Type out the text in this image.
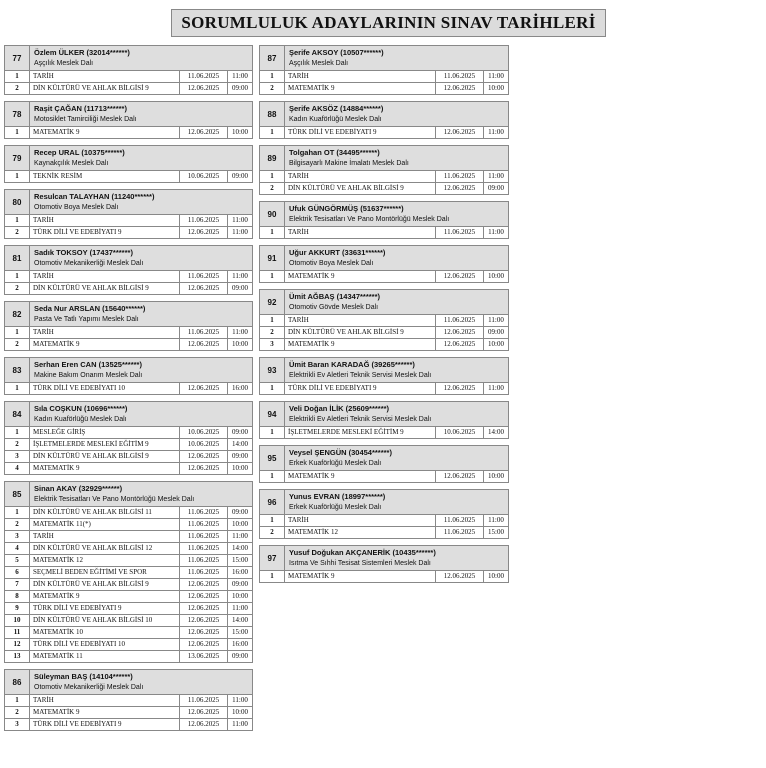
SORUMLULUK ADAYLARININ SINAV TARİHLERİ
77
Özlem ÜLKER (32014******)
Aşçılık Meslek Dalı
1	TARİH	11.06.2025	11:00
2	DİN KÜLTÜRÜ VE AHLAK BİLGİSİ 9	12.06.2025	09:00
78
Raşit ÇAĞAN (11713******)
Motosiklet Tamirciliği Meslek Dalı
1	MATEMATİK 9	12.06.2025	10:00
79
Recep URAL (10375******)
Kaynakçılık Meslek Dalı
1	TEKNİK RESİM	10.06.2025	09:00
80
Resulcan TALAYHAN (11240******)
Otomotiv Boya Meslek Dalı
1	TARİH	11.06.2025	11:00
2	TÜRK DİLİ VE EDEBİYATI 9	12.06.2025	11:00
81
Sadık TOKSOY (17437******)
Otomotiv Mekanikerliği Meslek Dalı
1	TARİH	11.06.2025	11:00
2	DİN KÜLTÜRÜ VE AHLAK BİLGİSİ 9	12.06.2025	09:00
82
Seda Nur ARSLAN (15640******)
Pasta Ve Tatlı Yapımı Meslek Dalı
1	TARİH	11.06.2025	11:00
2	MATEMATİK 9	12.06.2025	10:00
83
Serhan Eren CAN (13525******)
Makine Bakım Onarım Meslek Dalı
1	TÜRK DİLİ VE EDEBİYATI 10	12.06.2025	16:00
84
Sıla COŞKUN (10696******)
Kadın Kuaförlüğü Meslek Dalı
1	MESLEĞE GİRİŞ	10.06.2025	09:00
2	İŞLETMELERDE MESLEKİ EĞİTİM 9	10.06.2025	14:00
3	DİN KÜLTÜRÜ VE AHLAK BİLGİSİ 9	12.06.2025	09:00
4	MATEMATİK 9	12.06.2025	10:00
85
Sinan AKAY (32929******)
Elektrik Tesisatları Ve Pano Montörlüğü Meslek Dalı
1	DİN KÜLTÜRÜ VE AHLAK BİLGİSİ 11	11.06.2025	09:00
2	MATEMATİK 11(*)	11.06.2025	10:00
3	TARİH	11.06.2025	11:00
4	DİN KÜLTÜRÜ VE AHLAK BİLGİSİ 12	11.06.2025	14:00
5	MATEMATİK 12	11.06.2025	15:00
6	SEÇMELİ BEDEN EĞİTİMİ VE SPOR	11.06.2025	16:00
7	DİN KÜLTÜRÜ VE AHLAK BİLGİSİ 9	12.06.2025	09:00
8	MATEMATİK 9	12.06.2025	10:00
9	TÜRK DİLİ VE EDEBİYATI 9	12.06.2025	11:00
10	DİN KÜLTÜRÜ VE AHLAK BİLGİSİ 10	12.06.2025	14:00
11	MATEMATİK 10	12.06.2025	15:00
12	TÜRK DİLİ VE EDEBİYATI 10	12.06.2025	16:00
13	MATEMATİK 11	13.06.2025	09:00
86
Süleyman BAŞ (14104******)
Otomotiv Mekanikerliği Meslek Dalı
1	TARİH	11.06.2025	11:00
2	MATEMATİK 9	12.06.2025	10:00
3	TÜRK DİLİ VE EDEBİYATI 9	12.06.2025	11:00
87
Şerife AKSOY (10507******)
Aşçılık Meslek Dalı
1	TARİH	11.06.2025	11:00
2	MATEMATİK 9	12.06.2025	10:00
88
Şerife AKSÖZ (14884******)
Kadın Kuaförlüğü Meslek Dalı
1	TÜRK DİLİ VE EDEBİYATI 9	12.06.2025	11:00
89
Tolgahan OT (34495******)
Bilgisayarlı Makine İmalatı Meslek Dalı
1	TARİH	11.06.2025	11:00
2	DİN KÜLTÜRÜ VE AHLAK BİLGİSİ 9	12.06.2025	09:00
90
Ufuk GÜNGÖRMÜŞ (51637******)
Elektrik Tesisatları Ve Pano Montörlüğü Meslek Dalı
1	TARİH	11.06.2025	11:00
91
Uğur AKKURT (33631******)
Otomotiv Boya Meslek Dalı
1	MATEMATİK 9	12.06.2025	10:00
92
Ümit AĞBAŞ (14347******)
Otomotiv Gövde Meslek Dalı
1	TARİH	11.06.2025	11:00
2	DİN KÜLTÜRÜ VE AHLAK BİLGİSİ 9	12.06.2025	09:00
3	MATEMATİK 9	12.06.2025	10:00
93
Ümit Baran KARADAĞ (39265******)
Elektrikli Ev Aletleri Teknik Servisi Meslek Dalı
1	TÜRK DİLİ VE EDEBİYATI 9	12.06.2025	11:00
94
Veli Doğan İLİK (25609******)
Elektrikli Ev Aletleri Teknik Servisi Meslek Dalı
1	İŞLETMELERDE MESLEKİ EĞİTİM 9	10.06.2025	14:00
95
Veysel ŞENGÜN (30454******)
Erkek Kuaförlüğü Meslek Dalı
1	MATEMATİK 9	12.06.2025	10:00
96
Yunus EVRAN (18997******)
Erkek Kuaförlüğü Meslek Dalı
1	TARİH	11.06.2025	11:00
2	MATEMATİK 12	11.06.2025	15:00
97
Yusuf Doğukan AKÇANERİK (10435******)
Isıtma Ve Sıhhi Tesisat Sistemleri Meslek Dalı
1	MATEMATİK 9	12.06.2025	10:00
